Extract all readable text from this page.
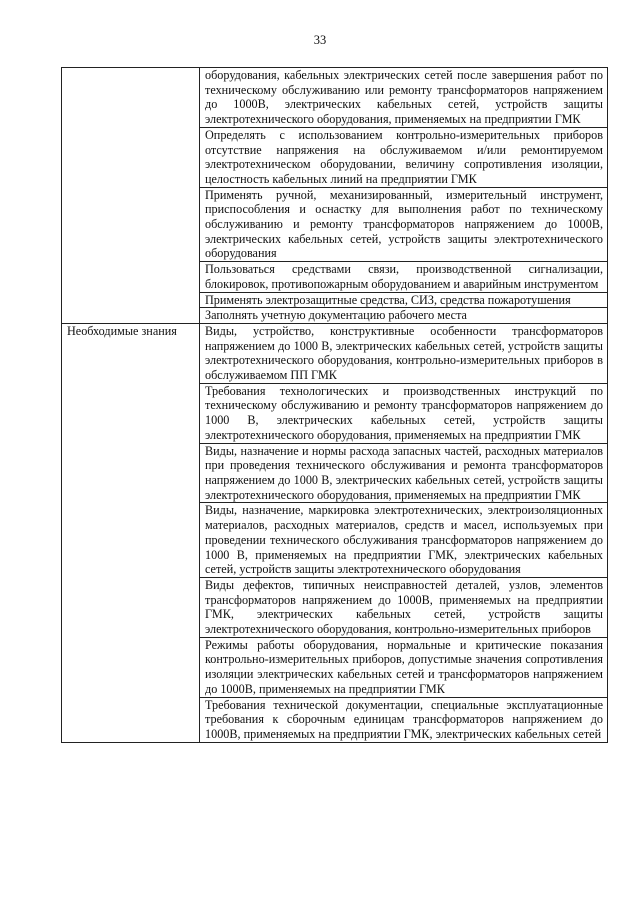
33
	оборудования, кабельных электрических сетей после завершения работ по техническому обслуживанию или ремонту трансформаторов напряжением до 1000В, электрических кабельных сетей, устройств защиты электротехнического оборудования, применяемых на предприятии ГМК
	Определять с использованием контрольно-измерительных приборов отсутствие напряжения на обслуживаемом и/или ремонтируемом электротехническом оборудовании, величину сопротивления изоляции, целостность кабельных линий на предприятии ГМК
	Применять ручной, механизированный, измерительный инструмент, приспособления и оснастку для выполнения работ по техническому обслуживанию и ремонту трансформаторов напряжением до 1000В, электрических кабельных сетей, устройств защиты электротехнического оборудования
	Пользоваться средствами связи, производственной сигнализации, блокировок, противопожарным оборудованием и аварийным инструментом
	Применять электрозащитные средства, СИЗ, средства пожаротушения
	Заполнять учетную документацию рабочего места
Необходимые знания	Виды, устройство, конструктивные особенности трансформаторов напряжением до 1000 В, электрических кабельных сетей, устройств защиты электротехнического оборудования, контрольно-измерительных приборов в обслуживаемом ПП ГМК
	Требования технологических и производственных инструкций по техническому обслуживанию и ремонту трансформаторов напряжением до 1000 В, электрических кабельных сетей, устройств защиты электротехнического оборудования, применяемых на предприятии ГМК
	Виды, назначение и нормы расхода запасных частей, расходных материалов при проведения технического обслуживания и ремонта трансформаторов напряжением до 1000 В, электрических кабельных сетей, устройств защиты электротехнического оборудования, применяемых на предприятии ГМК
	Виды, назначение, маркировка электротехнических, электроизоляционных материалов, расходных материалов, средств и масел, используемых при проведении технического обслуживания трансформаторов напряжением до 1000 В, применяемых на предприятии ГМК, электрических кабельных сетей, устройств защиты электротехнического оборудования
	Виды дефектов, типичных неисправностей деталей, узлов, элементов трансформаторов напряжением до 1000В, применяемых на предприятии ГМК, электрических кабельных сетей, устройств защиты электротехнического оборудования, контрольно-измерительных приборов
	Режимы работы оборудования, нормальные и критические показания контрольно-измерительных приборов, допустимые значения сопротивления изоляции электрических кабельных сетей и трансформаторов напряжением до 1000В, применяемых на предприятии ГМК
	Требования технической документации, специальные эксплуатационные требования к сборочным единицам трансформаторов напряжением до 1000В, применяемых на предприятии ГМК, электрических кабельных сетей
